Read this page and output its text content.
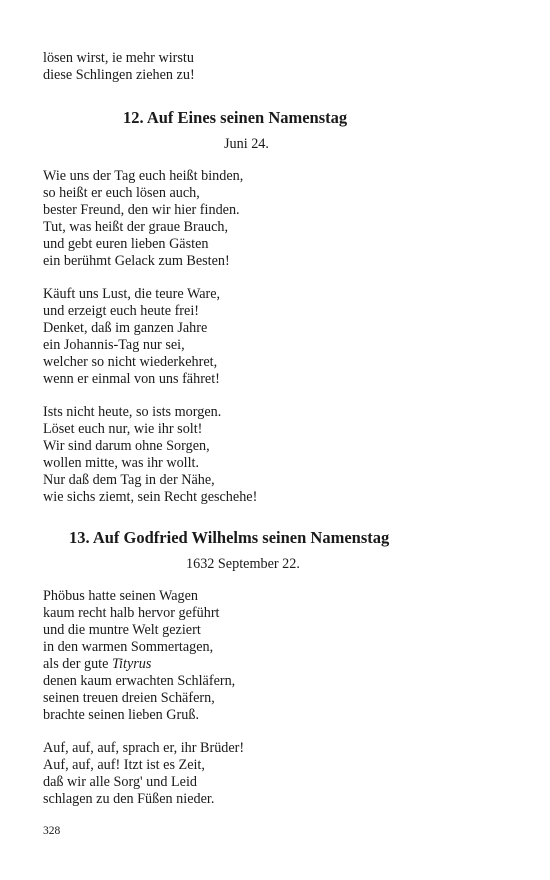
lösen wirst, ie mehr wirstu
diese Schlingen ziehen zu!
12. Auf Eines seinen Namenstag
Juni 24.
Wie uns der Tag euch heißt binden,
so heißt er euch lösen auch,
bester Freund, den wir hier finden.
Tut, was heißt der graue Brauch,
und gebt euren lieben Gästen
ein berühmt Gelack zum Besten!
Käuft uns Lust, die teure Ware,
und erzeigt euch heute frei!
Denket, daß im ganzen Jahre
ein Johannis-Tag nur sei,
welcher so nicht wiederkehret,
wenn er einmal von uns fähret!
Ists nicht heute, so ists morgen.
Löset euch nur, wie ihr solt!
Wir sind darum ohne Sorgen,
wollen mitte, was ihr wollt.
Nur daß dem Tag in der Nähe,
wie sichs ziemt, sein Recht geschehe!
13. Auf Godfried Wilhelms seinen Namenstag
1632 September 22.
Phöbus hatte seinen Wagen
kaum recht halb hervor geführt
und die muntre Welt geziert
in den warmen Sommertagen,
als der gute Tityrus
denen kaum erwachten Schläfern,
seinen treuen dreien Schäfern,
brachte seinen lieben Gruß.
Auf, auf, auf, sprach er, ihr Brüder!
Auf, auf, auf! Itzt ist es Zeit,
daß wir alle Sorg' und Leid
schlagen zu den Füßen nieder.
328
